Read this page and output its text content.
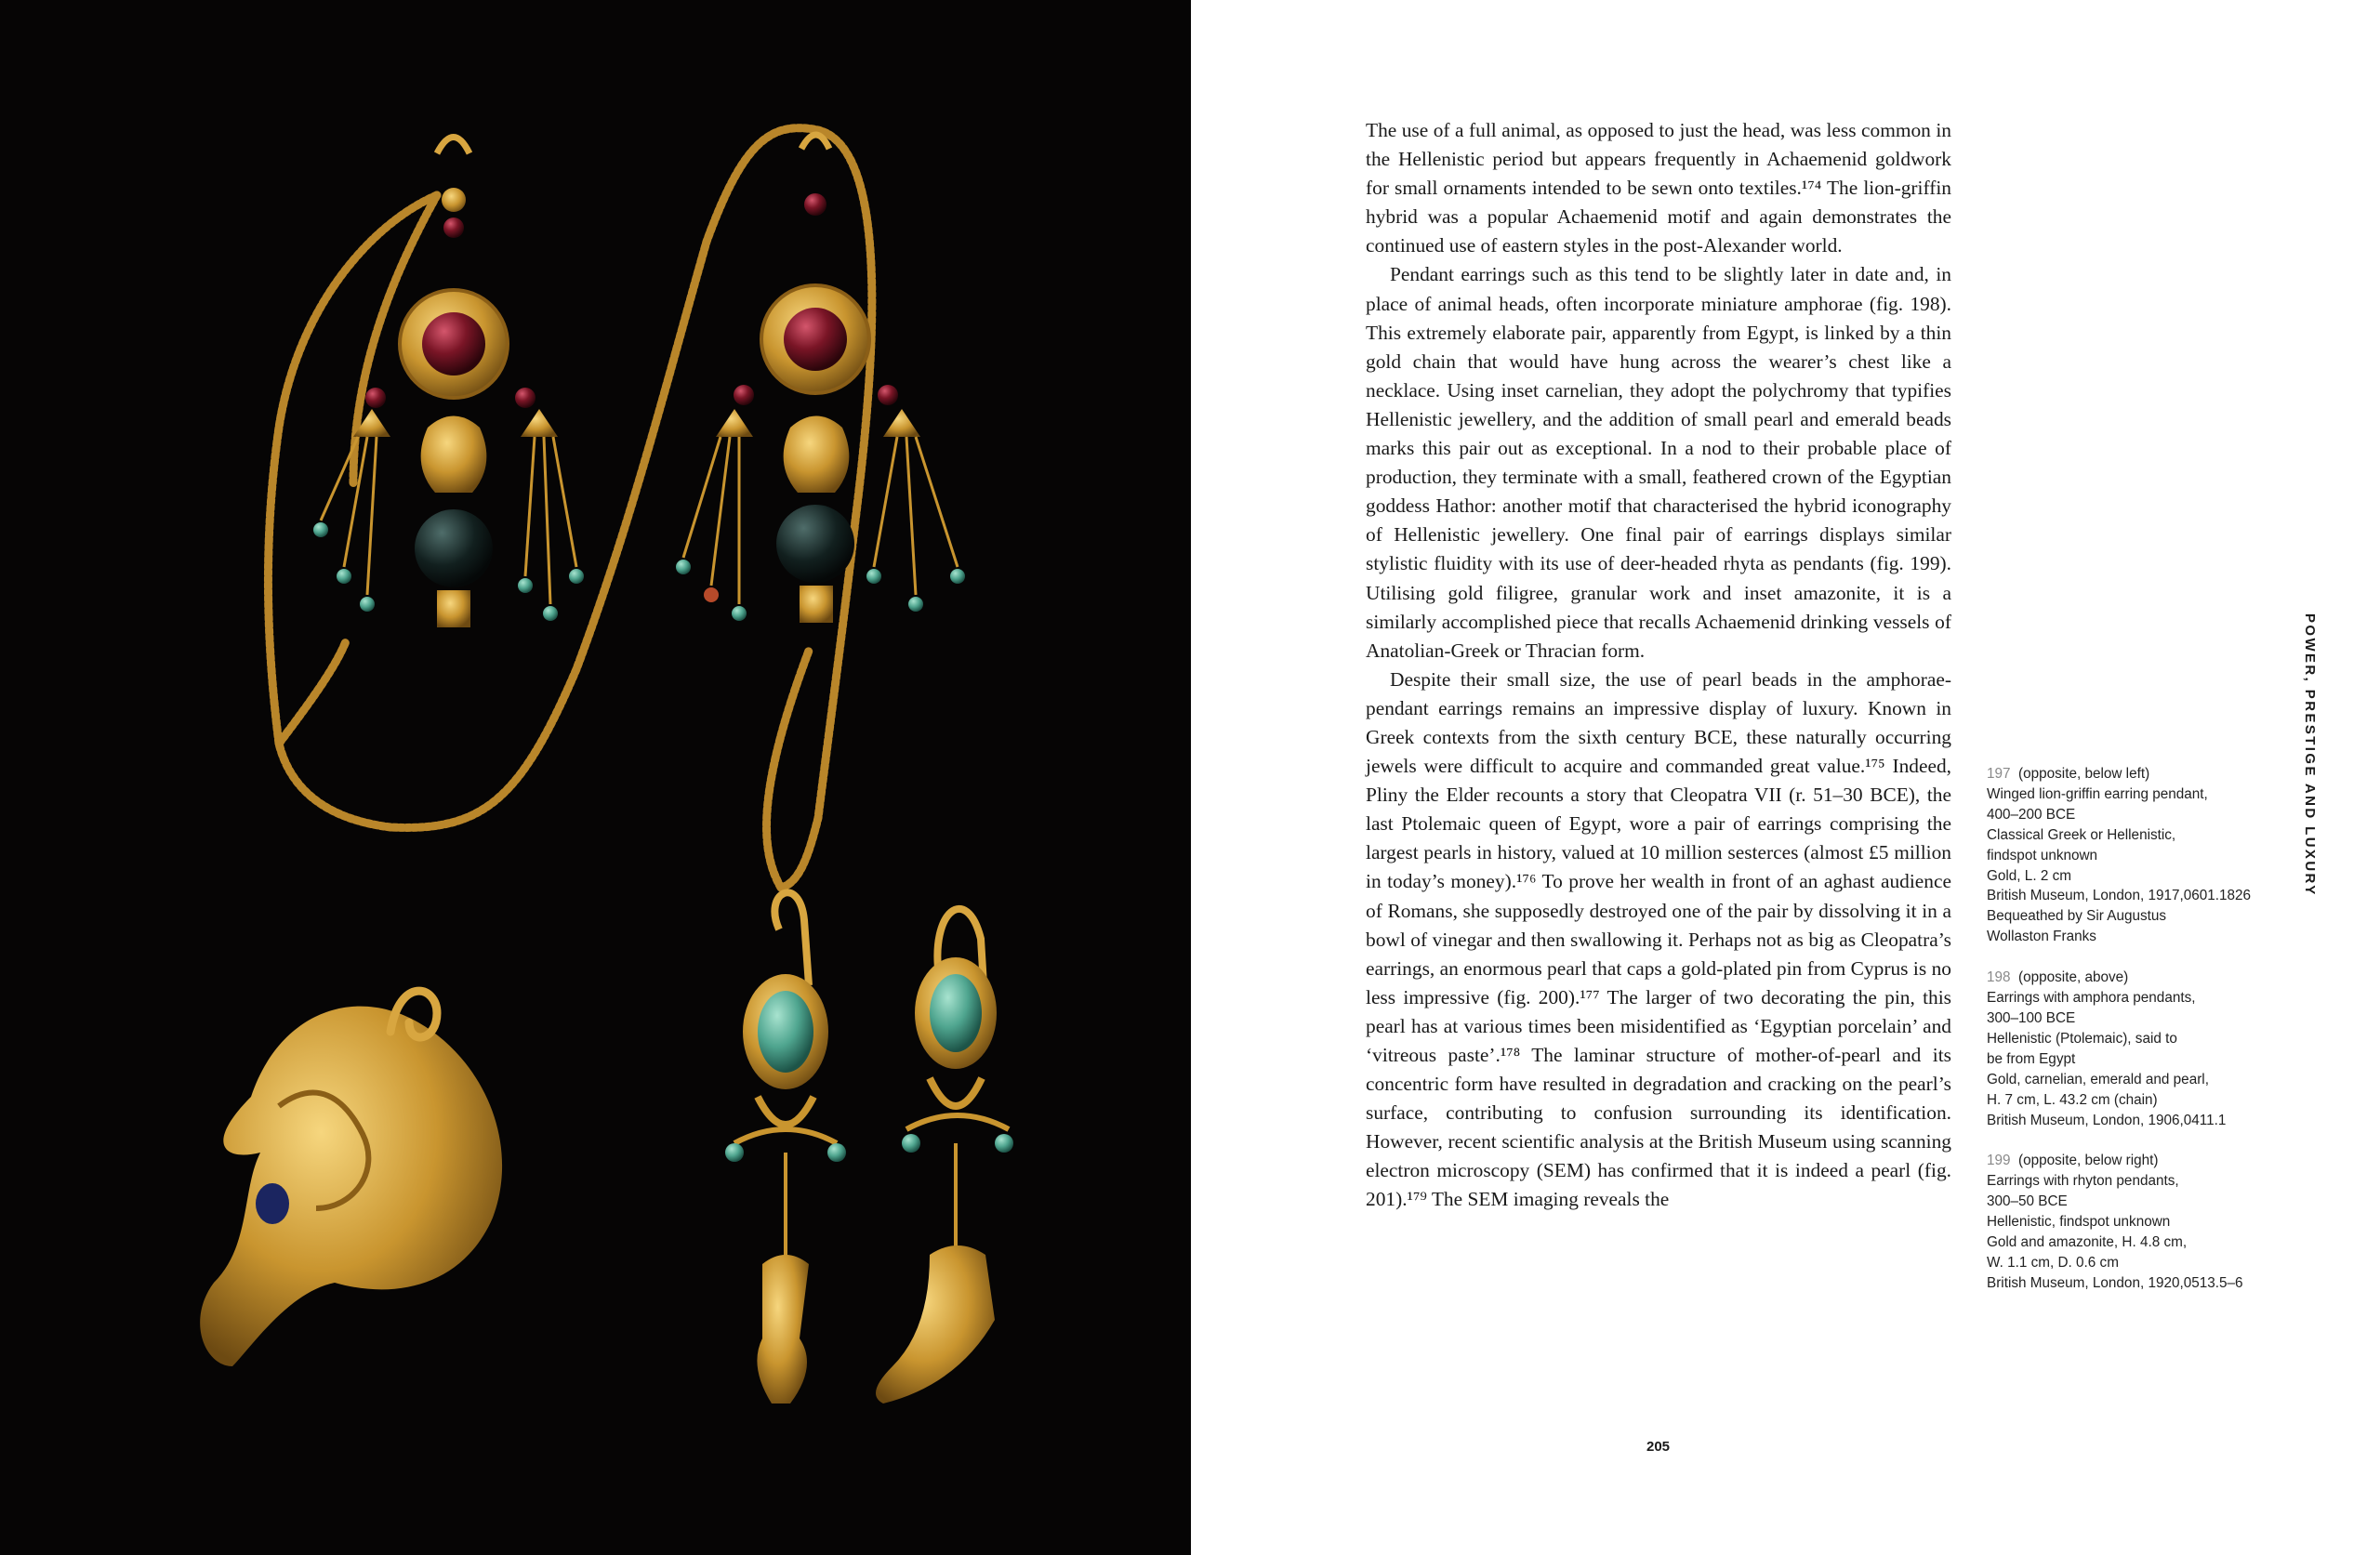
The use of a full animal, as opposed to just the head, was less common in the Hellenistic period but appears frequently in Achaemenid goldwork for small ornaments intended to be sewn onto textiles.¹⁷⁴ The lion-griffin hybrid was a popular Achaemenid motif and again demonstrates the continued use of eastern styles in the post-Alexander world.

Pendant earrings such as this tend to be slightly later in date and, in place of animal heads, often incorporate miniature amphorae (fig. 198). This extremely elaborate pair, apparently from Egypt, is linked by a thin gold chain that would have hung across the wearer’s chest like a necklace. Using inset carnelian, they adopt the polychromy that typifies Hellenistic jewellery, and the addition of small pearl and emerald beads marks this pair out as exceptional. In a nod to their probable place of production, they terminate with a small, feathered crown of the Egyptian goddess Hathor: another motif that characterised the hybrid iconography of Hellenistic jewellery. One final pair of earrings displays similar stylistic fluidity with its use of deer-headed rhyta as pendants (fig. 199). Utilising gold filigree, granular work and inset amazonite, it is a similarly accomplished piece that recalls Achaemenid drinking vessels of Anatolian-Greek or Thracian form.

Despite their small size, the use of pearl beads in the amphorae-pendant earrings remains an impressive display of luxury. Known in Greek contexts from the sixth century BCE, these naturally occurring jewels were difficult to acquire and commanded great value.¹⁷⁵ Indeed, Pliny the Elder recounts a story that Cleopatra VII (r. 51–30 BCE), the last Ptolemaic queen of Egypt, wore a pair of earrings comprising the largest pearls in history, valued at 10 million sesterces (almost £5 million in today’s money).¹⁷⁶ To prove her wealth in front of an aghast audience of Romans, she supposedly destroyed one of the pair by dissolving it in a bowl of vinegar and then swallowing it. Perhaps not as big as Cleopatra’s earrings, an enormous pearl that caps a gold-plated pin from Cyprus is no less impressive (fig. 200).¹⁷⁷ The larger of two decorating the pin, this pearl has at various times been misidentified as ‘Egyptian porcelain’ and ‘vitreous paste’.¹⁷⁸ The laminar structure of mother-of-pearl and its concentric form have resulted in degradation and cracking on the pearl’s surface, contributing to confusion surrounding its identification. However, recent scientific analysis at the British Museum using scanning electron microscopy (SEM) has confirmed that it is indeed a pearl (fig. 201).¹⁷⁹ The SEM imaging reveals the

197 (opposite, below left)
Winged lion-griffin earring pendant,
400–200 BCE
Classical Greek or Hellenistic,
findspot unknown
Gold, L. 2 cm
British Museum, London, 1917,0601.1826
Bequeathed by Sir Augustus
Wollaston Franks
198 (opposite, above)
Earrings with amphora pendants,
300–100 BCE
Hellenistic (Ptolemaic), said to
be from Egypt
Gold, carnelian, emerald and pearl,
H. 7 cm, L. 43.2 cm (chain)
British Museum, London, 1906,0411.1
199 (opposite, below right)
Earrings with rhyton pendants,
300–50 BCE
Hellenistic, findspot unknown
Gold and amazonite, H. 4.8 cm,
W. 1.1 cm, D. 0.6 cm
British Museum, London, 1920,0513.5–6
POWER, PRESTIGE AND LUXURY
205
